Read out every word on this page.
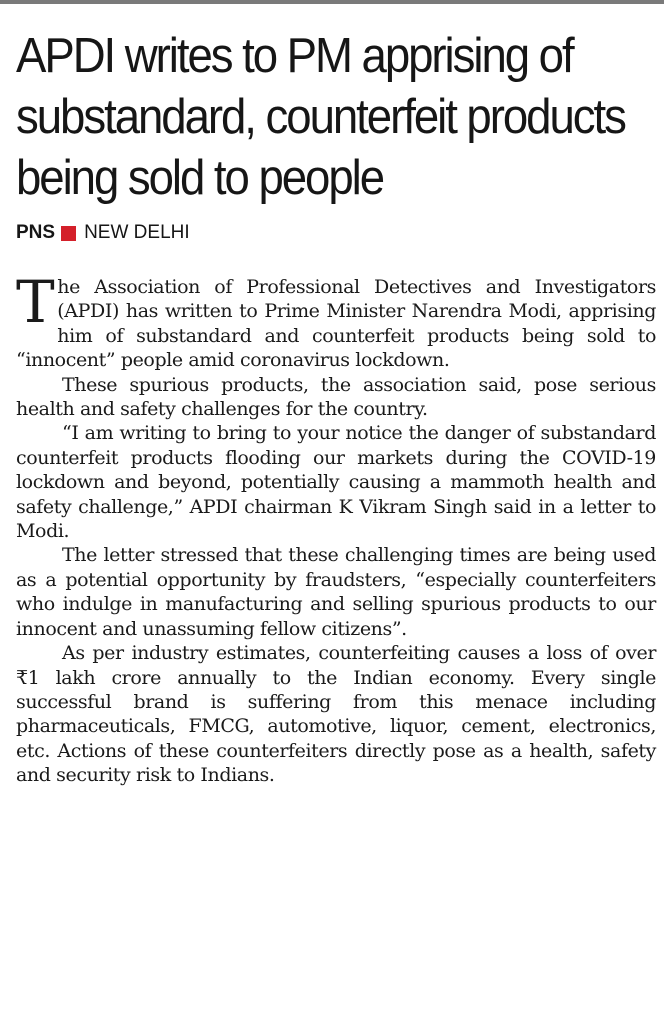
APDI writes to PM apprising of substandard, counterfeit products being sold to people
PNS NEW DELHI

The Association of Professional Detectives and Investigators (APDI) has written to Prime Minister Narendra Modi, apprising him of substandard and counterfeit products being sold to “innocent” people amid coronavirus lockdown.

These spurious products, the association said, pose serious health and safety challenges for the country.

“I am writing to bring to your notice the danger of substandard counterfeit products flooding our markets during the COVID-19 lockdown and beyond, potentially causing a mammoth health and safety challenge,” APDI chairman K Vikram Singh said in a letter to Modi.

The letter stressed that these challenging times are being used as a potential opportunity by fraudsters, “especially counterfeiters who indulge in manufacturing and selling spurious products to our innocent and unassuming fellow citizens”.

As per industry estimates, counterfeiting causes a loss of over ₹1 lakh crore annually to the Indian economy. Every single successful brand is suffering from this menace including pharmaceuticals, FMCG, automotive, liquor, cement, electronics, etc. Actions of these counterfeiters directly pose as a health, safety and security risk to Indians.
